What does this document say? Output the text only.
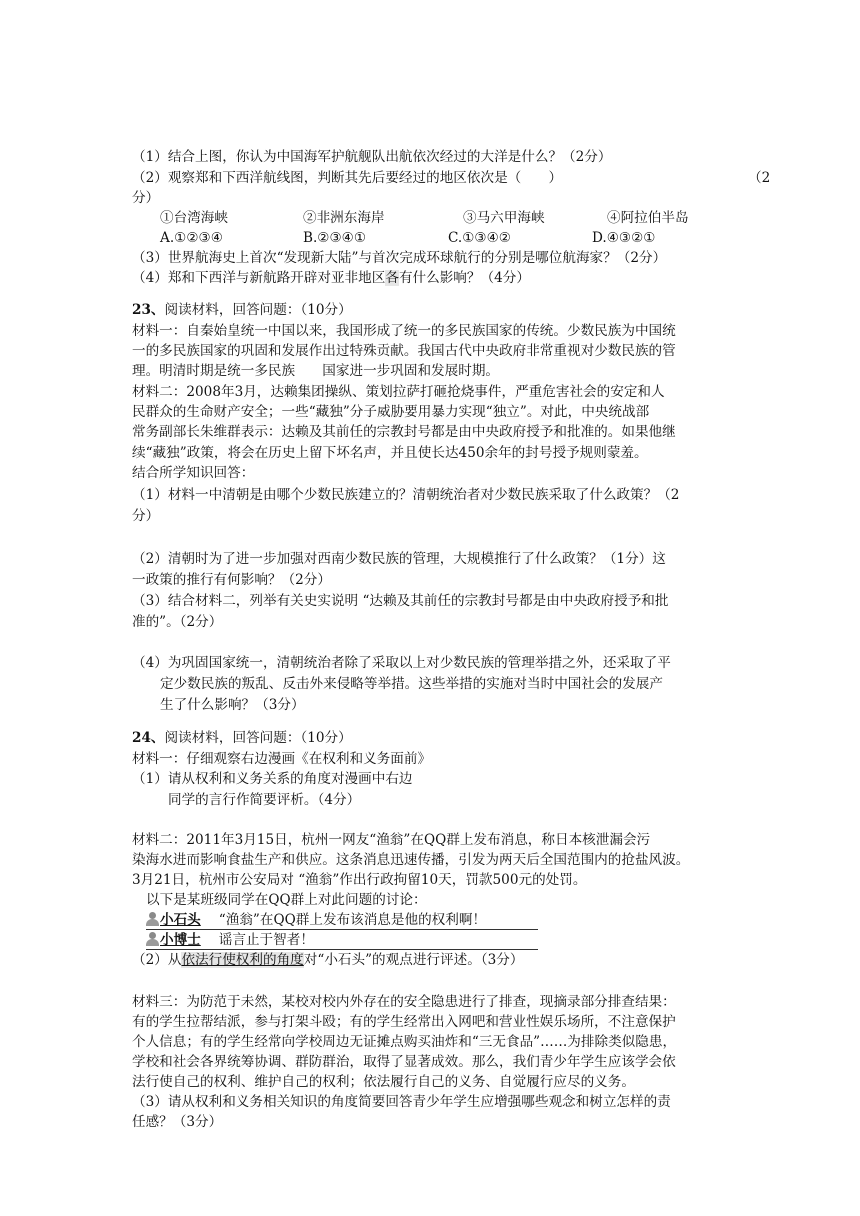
（1）结合上图，你认为中国海军护航舰队出航依次经过的大洋是什么？（2分）
（2）观察郑和下西洋航线图，判断其先后要经过的地区依次是（　　）	（2
分）
①台湾海峡	②非洲东海岸	③马六甲海峡	④阿拉伯半岛
A.①②③④	B.②③④①	C.①③④②	D.④③②①
（3）世界航海史上首次“发现新大陆”与首次完成环球航行的分别是哪位航海家？（2分）
（4）郑和下西洋与新航路开辟对亚非地区各有什么影响？（4分）
23、阅读材料，回答问题：（10分）
材料一：自秦始皇统一中国以来，我国形成了统一的多民族国家的传统。少数民族为中国统
一的多民族国家的巩固和发展作出过特殊贡献。我国古代中央政府非常重视对少数民族的管
理。明清时期是统一多民族　　国家进一步巩固和发展时期。
材料二：2008年3月，达赖集团操纵、策划拉萨打砸抢烧事件，严重危害社会的安定和人
民群众的生命财产安全；一些“藏独”分子威胁要用暴力实现“独立”。对此，中央统战部
常务副部长朱维群表示：达赖及其前任的宗教封号都是由中央政府授予和批准的。如果他继
续“藏独”政策，将会在历史上留下坏名声，并且使长达450余年的封号授予规则蒙羞。
结合所学知识回答：
（1）材料一中清朝是由哪个少数民族建立的？清朝统治者对少数民族采取了什么政策？（2
分）
（2）清朝时为了进一步加强对西南少数民族的管理，大规模推行了什么政策？（1分）这
一政策的推行有何影响？（2分）
（3）结合材料二，列举有关史实说明 “达赖及其前任的宗教封号都是由中央政府授予和批
准的”。（2分）
（4）为巩固国家统一，清朝统治者除了采取以上对少数民族的管理举措之外，还采取了平
定少数民族的叛乱、反击外来侵略等举措。这些举措的实施对当时中国社会的发展产
生了什么影响？（3分）
24、阅读材料，回答问题：（10分）
材料一：仔细观察右边漫画《在权利和义务面前》
（1）请从权利和义务关系的角度对漫画中右边
同学的言行作简要评析。（4分）
材料二：2011年3月15日，杭州一网友“渔翁”在QQ群上发布消息，称日本核泄漏会污
染海水进而影响食盐生产和供应。这条消息迅速传播，引发为两天后全国范围内的抢盐风波。
3月21日，杭州市公安局对 “渔翁”作出行政拘留10天，罚款500元的处罚。
以下是某班级同学在QQ群上对此问题的讨论：
小石头 “渔翁”在QQ群上发布该消息是他的权利啊！
小博士 谣言止于智者！
（2）从依法行使权利的角度对“小石头”的观点进行评述。（3分）
材料三：为防范于未然，某校对校内外存在的安全隐患进行了排查，现摘录部分排查结果：
有的学生拉帮结派，参与打架斗殴；有的学生经常出入网吧和营业性娱乐场所，不注意保护
个人信息；有的学生经常向学校周边无证摊点购买油炸和“三无食品”……为排除类似隐患，
学校和社会各界统筹协调、群防群治，取得了显著成效。那么，我们青少年学生应该学会依
法行使自己的权利、维护自己的权利；依法履行自己的义务、自觉履行应尽的义务。
（3）请从权利和义务相关知识的角度简要回答青少年学生应增强哪些观念和树立怎样的责
任感？（3分）
